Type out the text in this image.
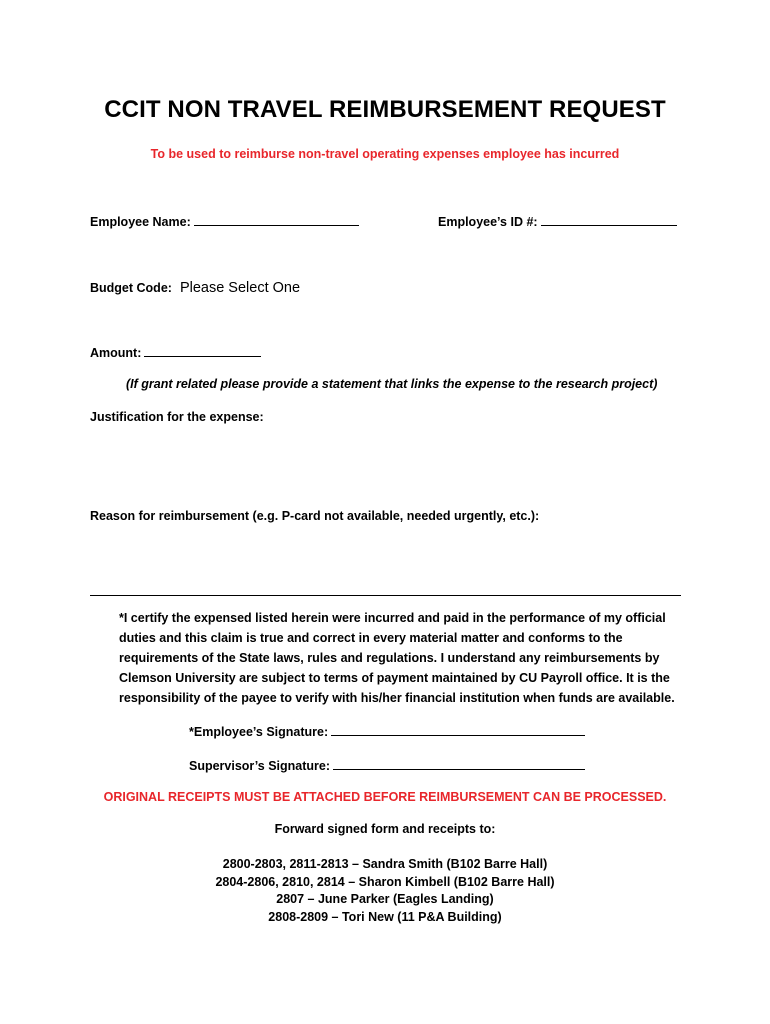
CCIT NON TRAVEL REIMBURSEMENT REQUEST
To be used to reimburse non-travel operating expenses employee has incurred
Employee Name:	Employee’s ID #:
Budget Code: Please Select One
Amount:
(If grant related please provide a statement that links the expense to the research project)
Justification for the expense:
Reason for reimbursement (e.g. P-card not available, needed urgently, etc.):

*I certify the expensed listed herein were incurred and paid in the performance of my official

duties and this claim is true and correct in every material matter and conforms to the

requirements of the State laws, rules and regulations. I understand any reimbursements by

Clemson University are subject to terms of payment maintained by CU Payroll office. It is the

responsibility of the payee to verify with his/her financial institution when funds are available.

*Employee’s Signature:
Supervisor’s Signature:
ORIGINAL RECEIPTS MUST BE ATTACHED BEFORE REIMBURSEMENT CAN BE PROCESSED.
Forward signed form and receipts to:
2800-2803, 2811-2813 – Sandra Smith (B102 Barre Hall)
2804-2806, 2810, 2814 – Sharon Kimbell (B102 Barre Hall)
2807 – June Parker (Eagles Landing)
2808-2809 – Tori New (11 P&A Building)
